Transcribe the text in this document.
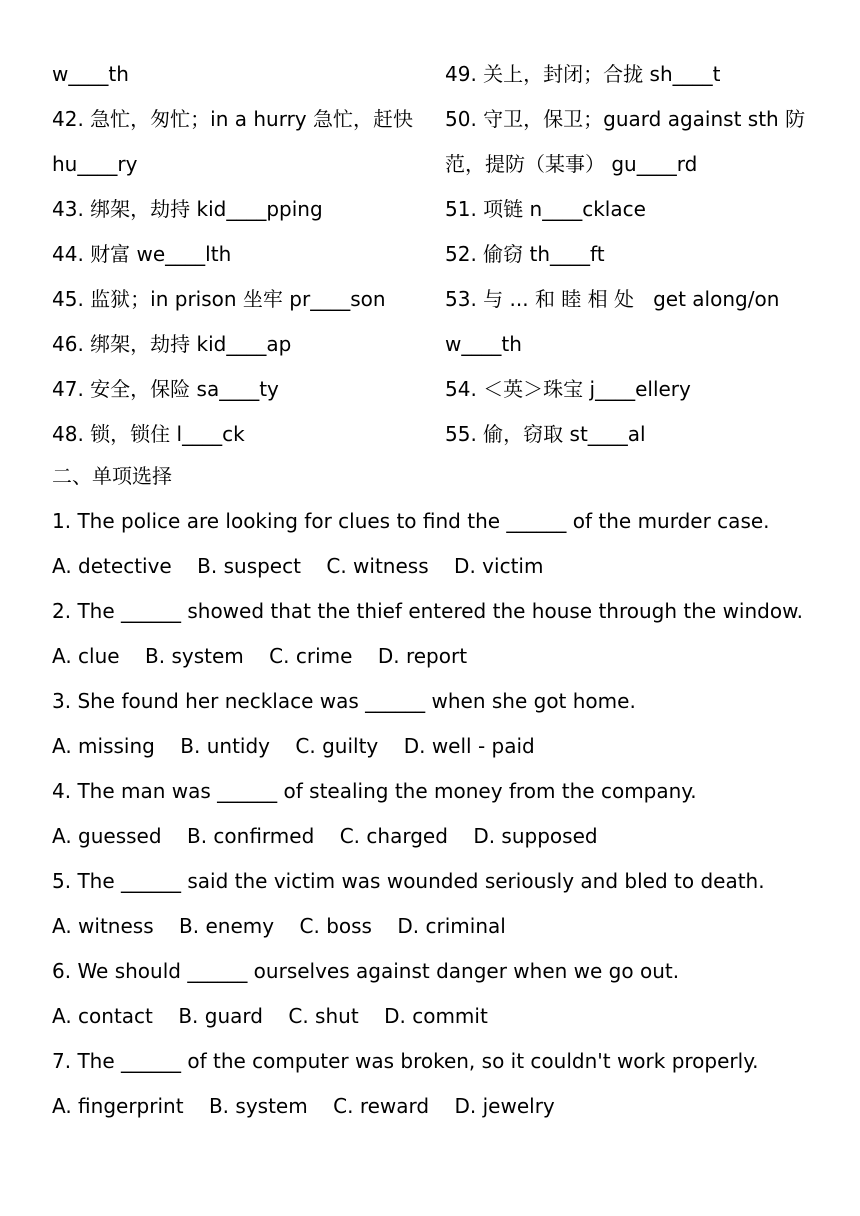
w____th
42. 急忙，匆忙；in a hurry 急忙，赶快
hu____ry
43. 绑架，劫持 kid____pping
44. 财富 we____lth
45. 监狱；in prison 坐牢 pr____son
46. 绑架，劫持 kid____ap
47. 安全，保险 sa____ty
48. 锁，锁住 l____ck
49. 关上，封闭；合拢 sh____t
50. 守卫，保卫；guard against sth 防
范，提防（某事） gu____rd
51. 项链 n____cklace
52. 偷窃 th____ft
53. 与 ... 和 睦 相 处   get along/on
w____th
54. ＜英＞珠宝 j____ellery
55. 偷，窃取 st____al
二、单项选择
1. The police are looking for clues to find the ______ of the murder case.
A. detective    B. suspect    C. witness    D. victim
2. The ______ showed that the thief entered the house through the window.
A. clue    B. system    C. crime    D. report
3. She found her necklace was ______ when she got home.
A. missing    B. untidy    C. guilty    D. well - paid
4. The man was ______ of stealing the money from the company.
A. guessed    B. confirmed    C. charged    D. supposed
5. The ______ said the victim was wounded seriously and bled to death.
A. witness    B. enemy    C. boss    D. criminal
6. We should ______ ourselves against danger when we go out.
A. contact    B. guard    C. shut    D. commit
7. The ______ of the computer was broken, so it couldn't work properly.
A. fingerprint    B. system    C. reward    D. jewelry
